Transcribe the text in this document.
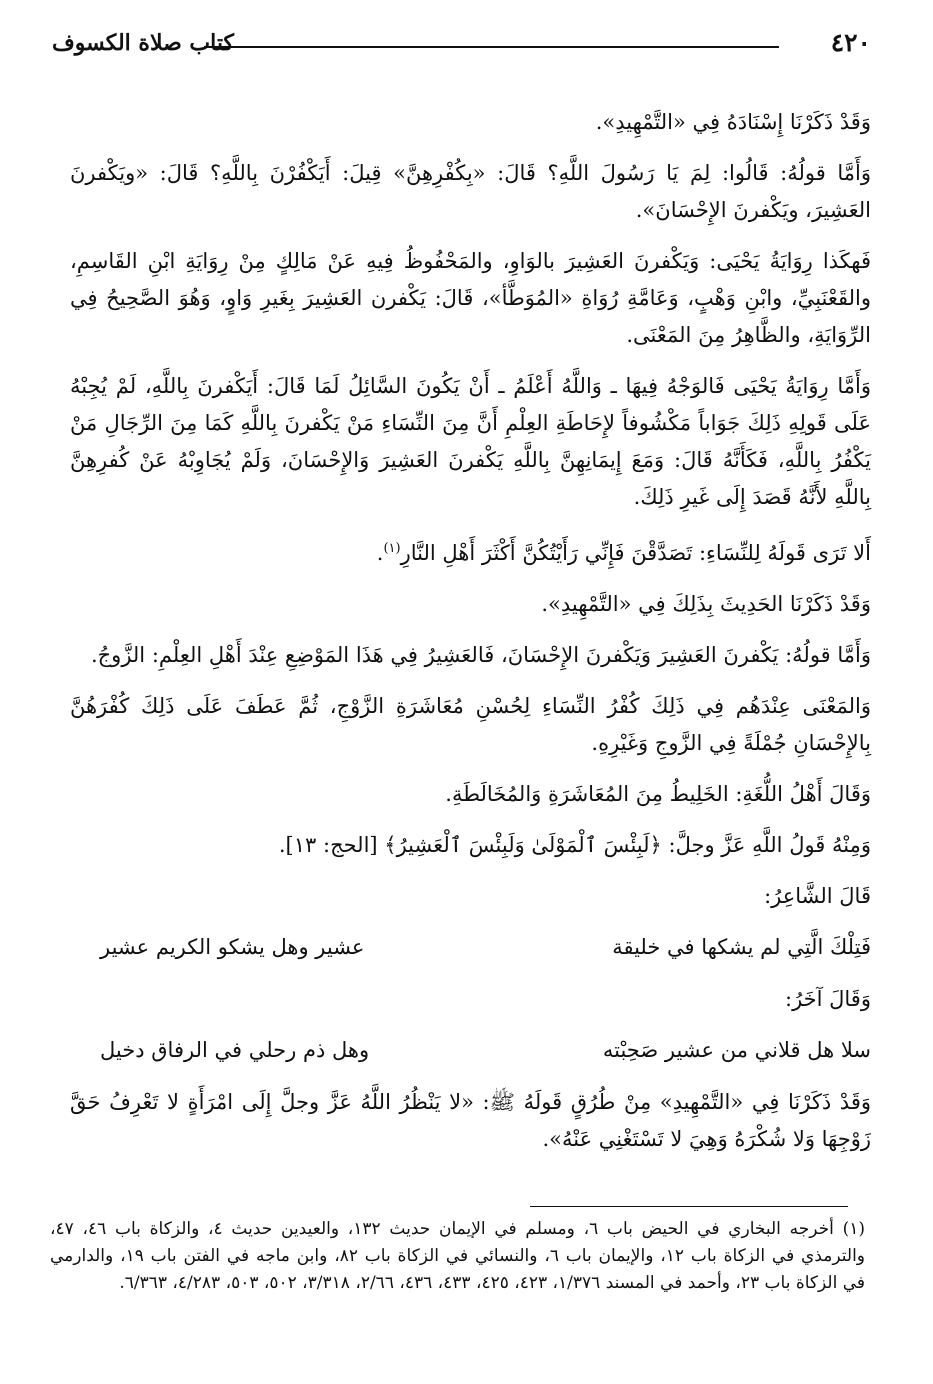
٤٢٠
كتاب صلاة الكسوف

وَقَدْ ذَكَرْنَا إِسْنَادَهُ فِي «التَّمْهِيدِ».

وَأَمَّا قولُهُ: قَالُوا: لِمَ يَا رَسُولَ اللَّهِ؟ قَالَ: «بِكُفْرِهِنَّ» قِيلَ: أَيَكْفُرْنَ بِاللَّهِ؟ قَالَ: «ويَكْفرنَ العَشِيرَ، ويَكْفرنَ الإِحْسَانَ».

فَهكَذا رِوَايَةُ يَحْيَى: وَيَكْفرنَ العَشِيرَ بالوَاوِ، والمَحْفُوظُ فِيهِ عَنْ مَالِكٍ مِنْ رِوَايَةِ ابْنِ القَاسِمِ، والقَعْنَبِيِّ، وابْنِ وَهْبٍ، وَعَامَّةِ رُوَاةِ «المُوَطَّأ»، قَالَ: يَكْفرن العَشِيرَ بِغَيرِ وَاوٍ، وَهُوَ الصَّحِيحُ فِي الرِّوَايَةِ، والظَّاهِرُ مِنَ المَعْنَى.

وَأَمَّا رِوَايَةُ يَحْيَى فَالوَجْهُ فِيهَا ـ وَاللَّهُ أَعْلَمُ ـ أَنْ يَكُونَ السَّائِلُ لَمَا قَالَ: أَيَكْفرنَ بِاللَّهِ، لَمْ يُجِبْهُ عَلَى قَولِهِ ذَلِكَ جَوَاباً مَكْشُوفاً لإِحَاطَةِ العِلْمِ أَنَّ مِنَ النِّسَاءِ مَنْ يَكْفرنَ بِاللَّهِ كَمَا مِنَ الرِّجَالِ مَنْ يَكْفُرُ بِاللَّهِ، فَكَأَنَّهُ قَالَ: وَمَعَ إِيمَانِهِنَّ بِاللَّهِ يَكْفرنَ العَشِيرَ وَالإِحْسَانَ، وَلَمْ يُجَاوِبْهُ عَنْ كُفرِهِنَّ بِاللَّهِ لأَنَّهُ قَصَدَ إِلَى غَيرِ ذَلِكَ.

أَلا تَرَى قَولَهُ لِلنِّسَاءِ: تَصَدَّقْنَ فَإِنِّي رَأَيْتُكُنَّ أَكْثَرَ أَهْلِ النَّارِ$^{(١)}$.

وَقَدْ ذَكَرْنَا الحَدِيثَ بِذَلِكَ فِي «التَّمْهِيدِ».

وَأَمَّا قولُهُ: يَكْفرنَ العَشِيرَ وَيَكْفرنَ الإِحْسَانَ، فَالعَشِيرُ فِي هَذَا المَوْضِعِ عِنْدَ أَهْلِ العِلْمِ: الزَّوجُ.

وَالمَعْنَى عِنْدَهُم فِي ذَلِكَ كُفْرُ النِّسَاءِ لِحُسْنِ مُعَاشَرَةِ الزَّوْجِ، ثُمَّ عَطَفَ عَلَى ذَلِكَ كُفْرَهُنَّ بِالإِحْسَانِ جُمْلَةً فِي الزَّوجِ وَغَيْرِهِ.

وَقَالَ أَهْلُ اللُّغَةِ: الخَلِيطُ مِنَ المُعَاشَرَةِ وَالمُخَالَطَةِ.

وَمِنْهُ قَولُ اللَّهِ عَزَّ وجلَّ: ﴿لَبِئْسَ ٱلْمَوْلَىٰ وَلَبِئْسَ ٱلْعَشِيرُ﴾ [الحج: ١٣].

قَالَ الشَّاعِرُ:

فَتِلْكَ الَّتِي لم يشكها في خليقة
عشير وهل يشكو الكريم عشير

وَقَالَ آخَرُ:

سلا هل قلاني من عشير صَحِبْته
وهل ذم رحلي في الرفاق دخيل

وَقَدْ ذَكَرْنَا فِي «التَّمْهِيدِ» مِنْ طُرُقٍ قَولَهُ ﷺ: «لا يَنْظُرُ اللَّهُ عَزَّ وجلَّ إِلَى امْرَأَةٍ لا تَعْرِفُ حَقَّ زَوْجِهَا وَلا شُكْرَهُ وَهِيَ لا تَسْتَغْنِي عَنْهُ».

(١) أخرجه البخاري في الحيض باب ٦، ومسلم في الإيمان حديث ١٣٢، والعيدين حديث ٤، والزكاة باب ٤٦، ٤٧، والترمذي في الزكاة باب ١٢، والإيمان باب ٦، والنسائي في الزكاة باب ٨٢، وابن ماجه في الفتن باب ١٩، والدارمي في الزكاة باب ٢٣، وأحمد في المسند ١/٣٧٦، ٤٢٣، ٤٢٥، ٤٣٣، ٤٣٦، ٢/٦٦، ٣/٣١٨، ٥٠٢، ٥٠٣، ٤/٢٨٣، ٦/٣٦٣.
